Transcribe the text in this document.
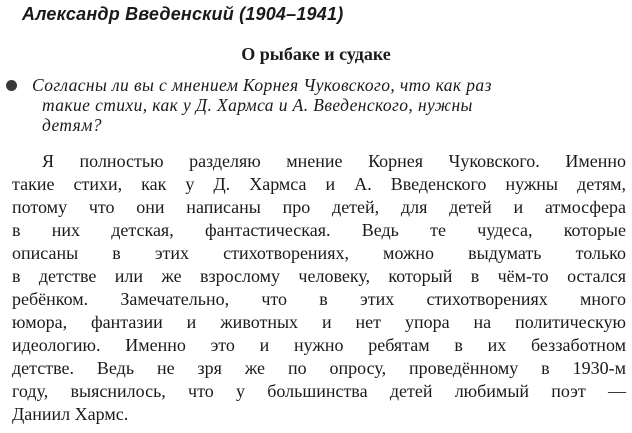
Александр Введенский (1904–1941)
О рыбаке и судаке
Согласны ли вы с мнением Корнея Чуковского, что как раз
такие стихи, как у Д. Хармса и А. Введенского, нужны
детям?
Я полностью разделяю мнение Корнея Чуковского. Именно
такие стихи, как у Д. Хармса и А. Введенского нужны детям,
потому что они написаны про детей, для детей и атмосфера
в них детская, фантастическая. Ведь те чудеса, которые
описаны в этих стихотворениях, можно выдумать только
в детстве или же взрослому человеку, который в чём-то остался
ребёнком. Замечательно, что в этих стихотворениях много
юмора, фантазии и животных и нет упора на политическую
идеологию. Именно это и нужно ребятам в их беззаботном
детстве. Ведь не зря же по опросу, проведённому в 1930-м
году, выяснилось, что у большинства детей любимый поэт —
Даниил Хармс.
